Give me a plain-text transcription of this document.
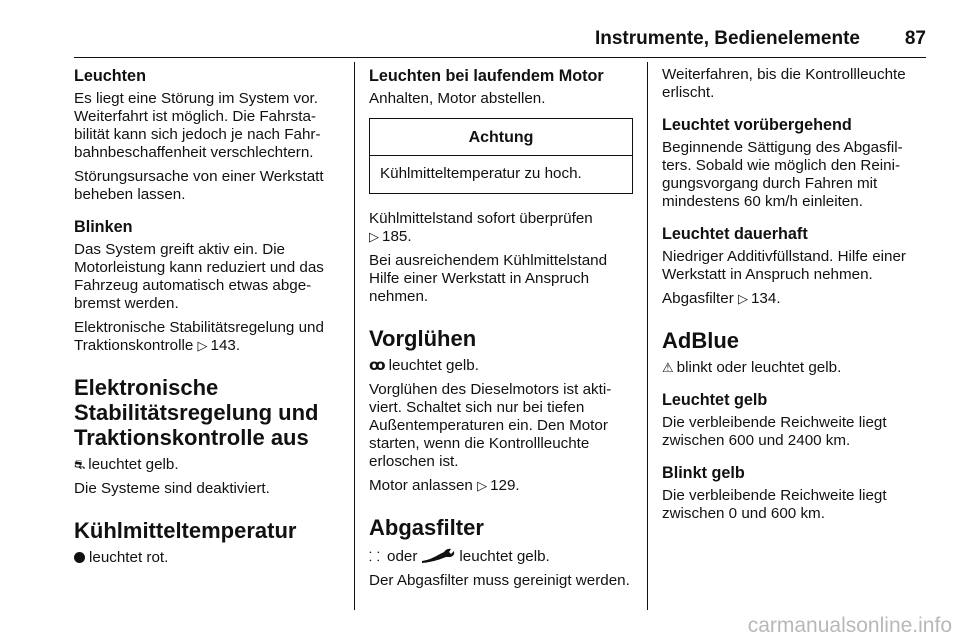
Instrumente, Bedienelemente 87
Leuchten

Es liegt eine Störung im System vor. Weiterfahrt ist möglich. Die Fahrstabilität kann sich jedoch je nach Fahrbahnbeschaffenheit verschlechtern.

Störungsursache von einer Werkstatt beheben lassen.

Blinken

Das System greift aktiv ein. Die Motorleistung kann reduziert und das Fahrzeug automatisch etwas abgebremst werden.

Elektronische Stabilitätsregelung und Traktionskontrolle ▷ 143.

Elektronische Stabilitätsregelung und Traktionskontrolle aus

⛐ leuchtet gelb.

Die Systeme sind deaktiviert.

Kühlmitteltemperatur

leuchtet rot.

Leuchten bei laufendem Motor

Anhalten, Motor abstellen.

Achtung
Kühlmitteltemperatur zu hoch.

Kühlmittelstand sofort überprüfen
▷ 185.

Bei ausreichendem Kühlmittelstand Hilfe einer Werkstatt in Anspruch nehmen.

Vorglühen

ꝏ leuchtet gelb.

Vorglühen des Dieselmotors ist aktiviert. Schaltet sich nur bei tiefen Außentemperaturen ein. Den Motor starten, wenn die Kontrollleuchte erloschen ist.

Motor anlassen ▷ 129.

Abgasfilter

⸬ oder	leuchtet gelb.

Der Abgasfilter muss gereinigt werden.

Weiterfahren, bis die Kontrollleuchte erlischt.

Leuchtet vorübergehend

Beginnende Sättigung des Abgasfilters. Sobald wie möglich den Reinigungsvorgang durch Fahren mit mindestens 60 km/h einleiten.

Leuchtet dauerhaft

Niedriger Additivfüllstand. Hilfe einer Werkstatt in Anspruch nehmen.

Abgasfilter ▷ 134.

AdBlue

⚠ blinkt oder leuchtet gelb.

Leuchtet gelb

Die verbleibende Reichweite liegt zwischen 600 und 2400 km.

Blinkt gelb

Die verbleibende Reichweite liegt zwischen 0 und 600 km.

carmanualsonline.info
